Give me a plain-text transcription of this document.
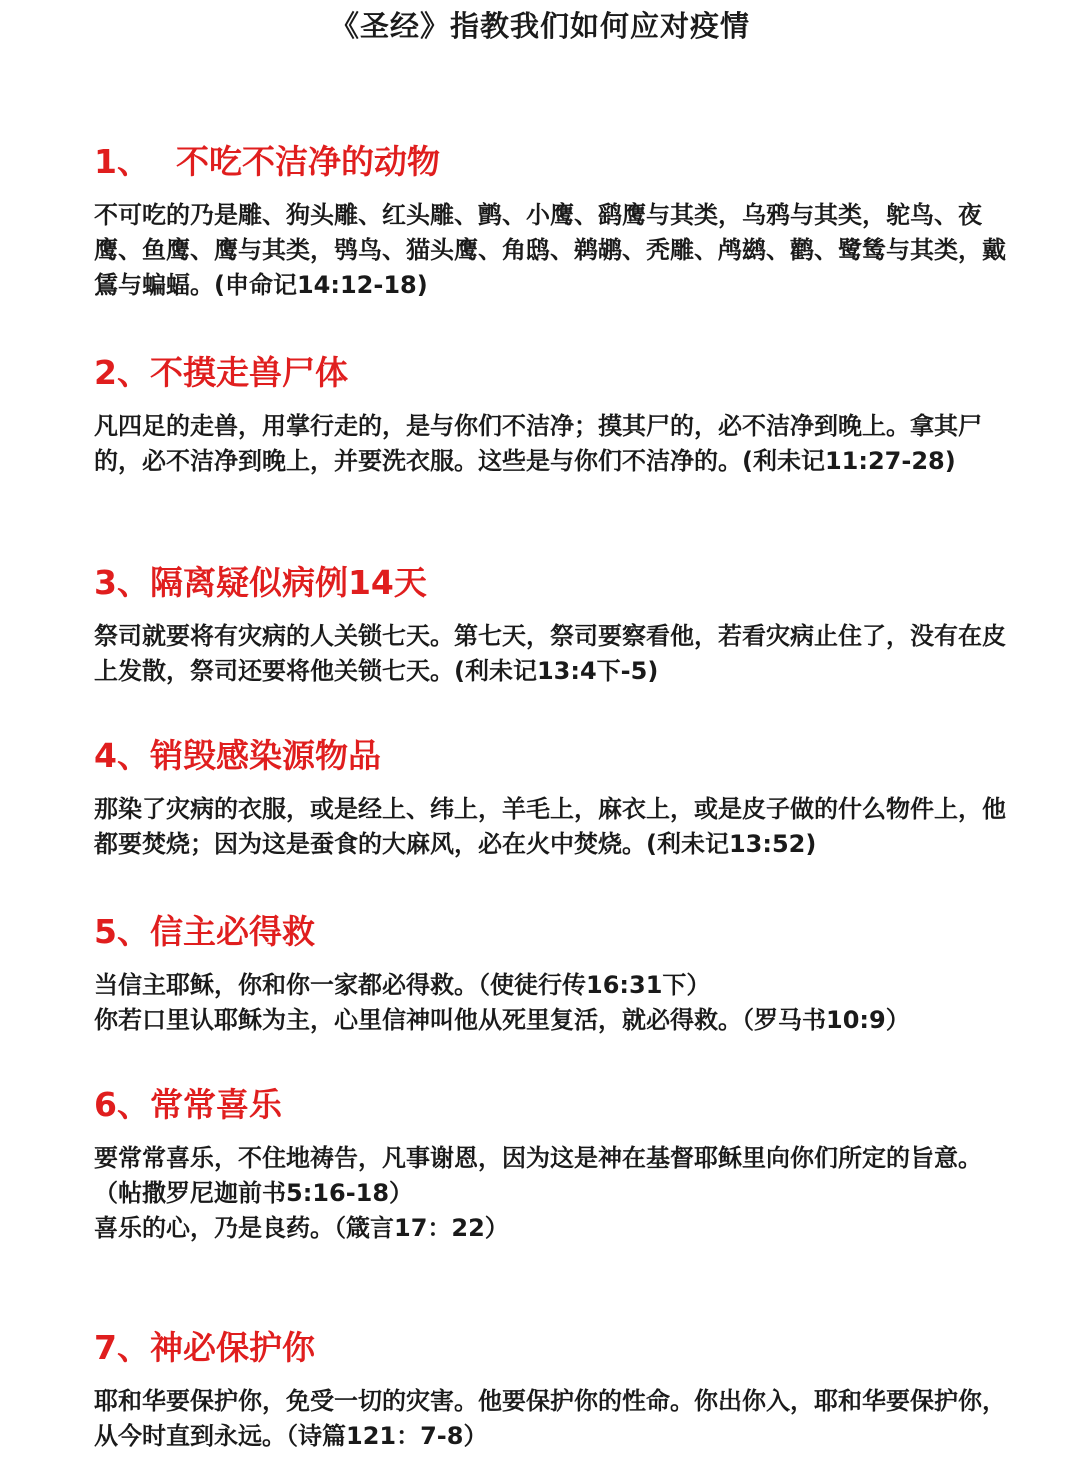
《圣经》指教我们如何应对疫情
1、 不吃不洁净的动物

不可吃的乃是雕、狗头雕、红头雕、鹯、小鹰、鹞鹰与其类，乌鸦与其类，鸵鸟、夜鹰、鱼鹰、鹰与其类，鸮鸟、猫头鹰、角鸱、鹈鹕、秃雕、鸬鹚、鹳、鹭鸶与其类，戴鵀与蝙蝠。(申命记14:12-18)

2、不摸走兽尸体

凡四足的走兽，用掌行走的，是与你们不洁净；摸其尸的，必不洁净到晚上。拿其尸的，必不洁净到晚上，并要洗衣服。这些是与你们不洁净的。(利未记11:27-28)

3、隔离疑似病例14天

祭司就要将有灾病的人关锁七天。第七天，祭司要察看他，若看灾病止住了，没有在皮上发散，祭司还要将他关锁七天。(利未记13:4下-5)

4、销毁感染源物品

那染了灾病的衣服，或是经上、纬上，羊毛上，麻衣上，或是皮子做的什么物件上，他都要焚烧；因为这是蚕食的大麻风，必在火中焚烧。(利未记13:52)

5、信主必得救

当信主耶稣，你和你一家都必得救。（使徒行传16:31下）

你若口里认耶稣为主，心里信神叫他从死里复活，就必得救。（罗马书10:9）

6、常常喜乐

要常常喜乐，不住地祷告，凡事谢恩，因为这是神在基督耶稣里向你们所定的旨意。（帖撒罗尼迦前书5:16-18）

喜乐的心，乃是良药。（箴言17：22）

7、神必保护你

耶和华要保护你，免受一切的灾害。他要保护你的性命。你出你入，耶和华要保护你，从今时直到永远。（诗篇121：7-8）
